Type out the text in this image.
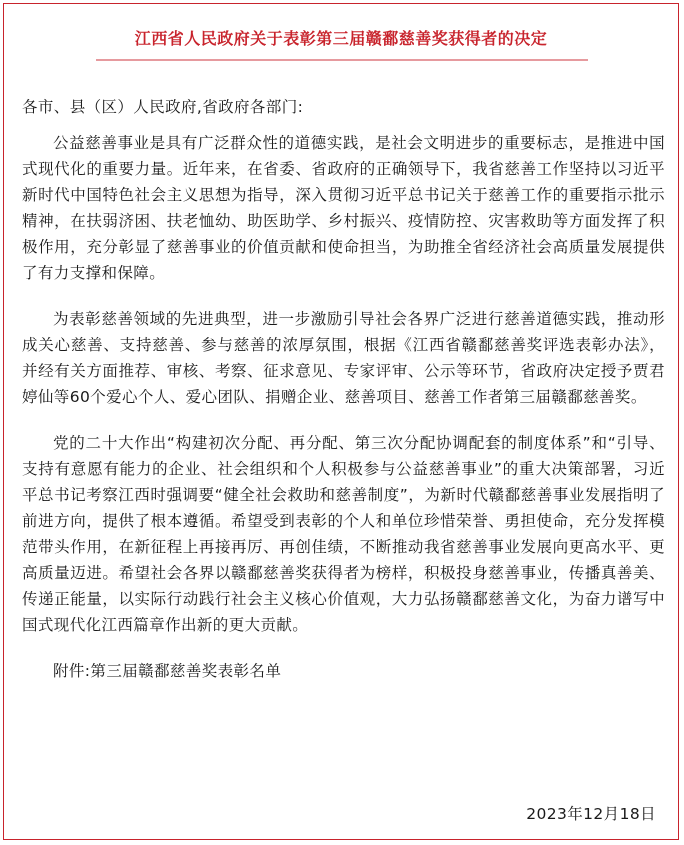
江西省人民政府关于表彰第三届赣鄱慈善奖获得者的决定

各市、县（区）人民政府,省政府各部门:

公益慈善事业是具有广泛群众性的道德实践，是社会文明进步的重要标志，是推进中国式现代化的重要力量。近年来，在省委、省政府的正确领导下，我省慈善工作坚持以习近平新时代中国特色社会主义思想为指导，深入贯彻习近平总书记关于慈善工作的重要指示批示精神，在扶弱济困、扶老恤幼、助医助学、乡村振兴、疫情防控、灾害救助等方面发挥了积极作用，充分彰显了慈善事业的价值贡献和使命担当，为助推全省经济社会高质量发展提供了有力支撑和保障。

为表彰慈善领域的先进典型，进一步激励引导社会各界广泛进行慈善道德实践，推动形成关心慈善、支持慈善、参与慈善的浓厚氛围，根据《江西省赣鄱慈善奖评选表彰办法》，并经有关方面推荐、审核、考察、征求意见、专家评审、公示等环节，省政府决定授予贾君婷仙等60个爱心个人、爱心团队、捐赠企业、慈善项目、慈善工作者第三届赣鄱慈善奖。

党的二十大作出“构建初次分配、再分配、第三次分配协调配套的制度体系”和“引导、支持有意愿有能力的企业、社会组织和个人积极参与公益慈善事业”的重大决策部署，习近平总书记考察江西时强调要“健全社会救助和慈善制度”，为新时代赣鄱慈善事业发展指明了前进方向，提供了根本遵循。希望受到表彰的个人和单位珍惜荣誉、勇担使命，充分发挥模范带头作用，在新征程上再接再厉、再创佳绩，不断推动我省慈善事业发展向更高水平、更高质量迈进。希望社会各界以赣鄱慈善奖获得者为榜样，积极投身慈善事业，传播真善美、传递正能量，以实际行动践行社会主义核心价值观，大力弘扬赣鄱慈善文化，为奋力谱写中国式现代化江西篇章作出新的更大贡献。

附件:第三届赣鄱慈善奖表彰名单

2023年12月18日
